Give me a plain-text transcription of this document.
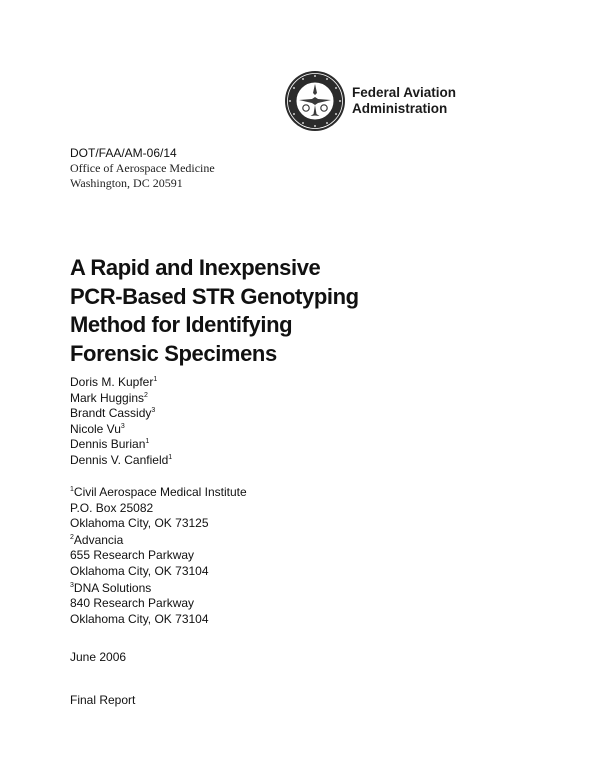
Federal Aviation
Administration
DOT/FAA/AM-06/14
Office of Aerospace Medicine
Washington, DC 20591
A Rapid and Inexpensive
PCR-Based STR Genotyping
Method for Identifying
Forensic Specimens
Doris M. Kupfer$^1$
Mark Huggins$^2$
Brandt Cassidy$^3$
Nicole Vu$^3$
Dennis Burian$^1$
Dennis V. Canfield$^1$
$^1$Civil Aerospace Medical Institute
P.O. Box 25082
Oklahoma City, OK 73125
$^2$Advancia
655 Research Parkway
Oklahoma City, OK 73104
$^3$DNA Solutions
840 Research Parkway
Oklahoma City, OK 73104
June 2006
Final Report
